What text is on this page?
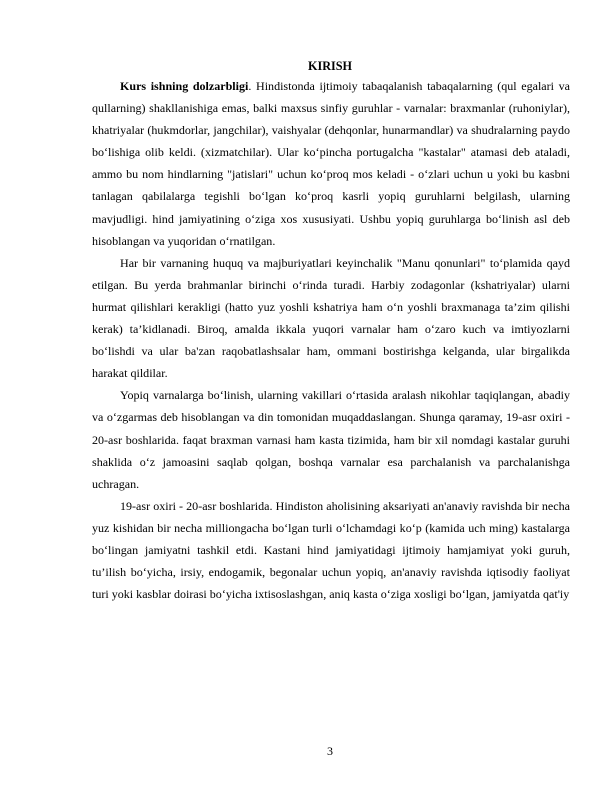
KIRISH

Kurs ishning dolzarbligi. Hindistonda ijtimoiy tabaqalanish tabaqalarning (qul egalari va qullarning) shakllanishiga emas, balki maxsus sinfiy guruhlar - varnalar: braxmanlar (ruhoniylar), khatriyalar (hukmdorlar, jangchilar), vaishyalar (dehqonlar, hunarmandlar) va shudralarning paydo bo‘lishiga olib keldi. (xizmatchilar). Ular ko‘pincha portugalcha "kastalar" atamasi deb ataladi, ammo bu nom hindlarning "jatislari" uchun ko‘proq mos keladi - o‘zlari uchun u yoki bu kasbni tanlagan qabilalarga tegishli bo‘lgan ko‘proq kasrli yopiq guruhlarni belgilash, ularning mavjudligi. hind jamiyatining o‘ziga xos xususiyati. Ushbu yopiq guruhlarga bo‘linish asl deb hisoblangan va yuqoridan o‘rnatilgan.

Har bir varnaning huquq va majburiyatlari keyinchalik "Manu qonunlari" to‘plamida qayd etilgan. Bu yerda brahmanlar birinchi o‘rinda turadi. Harbiy zodagonlar (kshatriyalar) ularni hurmat qilishlari kerakligi (hatto yuz yoshli kshatriya ham o‘n yoshli braxmanaga ta’zim qilishi kerak) ta’kidlanadi. Biroq, amalda ikkala yuqori varnalar ham o‘zaro kuch va imtiyozlarni bo‘lishdi va ular ba'zan raqobatlashsalar ham, ommani bostirishga kelganda, ular birgalikda harakat qildilar.

Yopiq varnalarga bo‘linish, ularning vakillari o‘rtasida aralash nikohlar taqiqlangan, abadiy va o‘zgarmas deb hisoblangan va din tomonidan muqaddaslangan. Shunga qaramay, 19-asr oxiri - 20-asr boshlarida. faqat braxman varnasi ham kasta tizimida, ham bir xil nomdagi kastalar guruhi shaklida o‘z jamoasini saqlab qolgan, boshqa varnalar esa parchalanish va parchalanishga uchragan.

19-asr oxiri - 20-asr boshlarida. Hindiston aholisining aksariyati an'anaviy ravishda bir necha yuz kishidan bir necha milliongacha bo‘lgan turli o‘lchamdagi ko‘p (kamida uch ming) kastalarga bo‘lingan jamiyatni tashkil etdi. Kastani hind jamiyatidagi ijtimoiy hamjamiyat yoki guruh, tu’ilish bo‘yicha, irsiy, endogamik, begonalar uchun yopiq, an'anaviy ravishda iqtisodiy faoliyat turi yoki kasblar doirasi bo‘yicha ixtisoslashgan, aniq kasta o‘ziga xosligi bo‘lgan, jamiyatda qat'iy

3
